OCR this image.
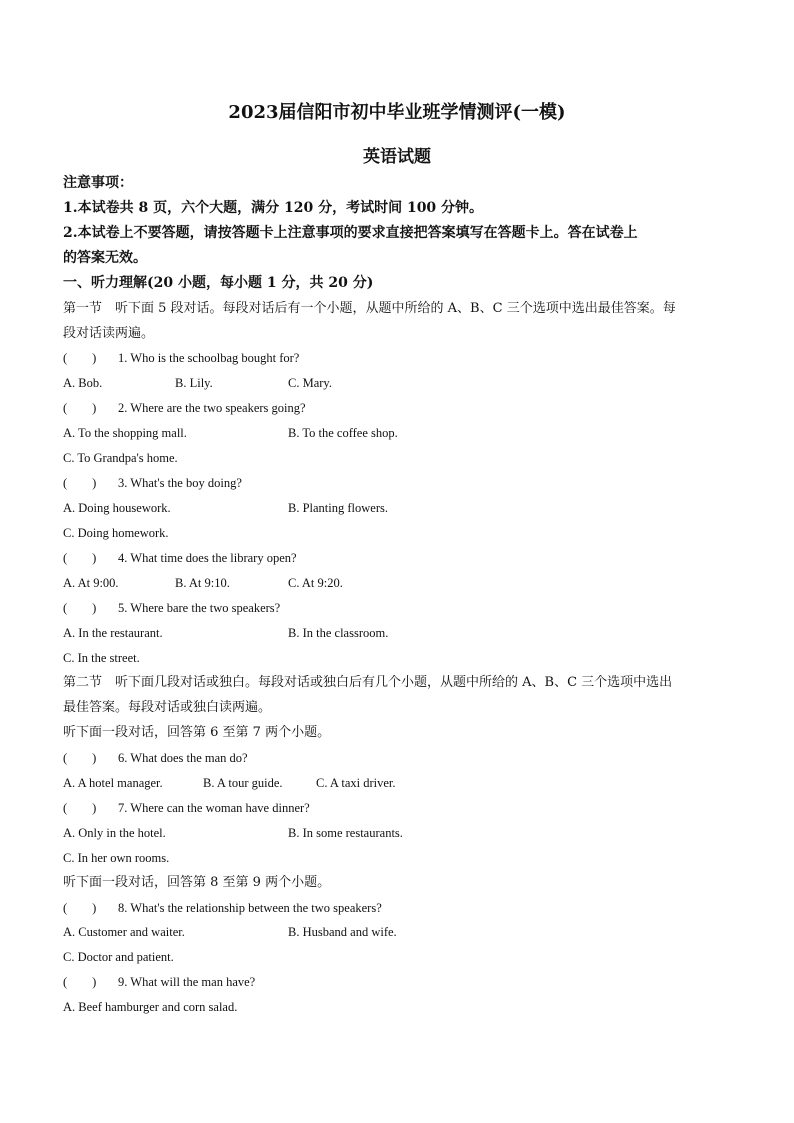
2023届信阳市初中毕业班学情测评(一模)
英语试题
注意事项：
1.本试卷共 8 页，六个大题，满分 120 分，考试时间 100 分钟。
2.本试卷上不要答题，请按答题卡上注意事项的要求直接把答案填写在答题卡上。答在试卷上
的答案无效。
一、听力理解(20 小题，每小题 1 分，共 20 分)
第一节　听下面 5 段对话。每段对话后有一个小题，从题中所给的 A、B、C 三个选项中选出最佳答案。每
段对话读两遍。
(　　) 1. Who is the schoolbag bought for?
A. Bob.	B. Lily.	C. Mary.
(　　) 2. Where are the two speakers going?
A. To the shopping mall.	B. To the coffee shop.
C. To Grandpa's home.
(　　) 3. What's the boy doing?
A. Doing housework.	B. Planting flowers.
C. Doing homework.
(　　) 4. What time does the library open?
A. At 9:00.	B. At 9:10.	C. At 9:20.
(　　) 5. Where bare the two speakers?
A. In the restaurant.	B. In the classroom.
C. In the street.
第二节　听下面几段对话或独白。每段对话或独白后有几个小题，从题中所给的 A、B、C 三个选项中选出
最佳答案。每段对话或独白读两遍。
听下面一段对话，回答第 6 至第 7 两个小题。
(　　) 6. What does the man do?
A. A hotel manager.	B. A tour guide.	C. A taxi driver.
(　　) 7. Where can the woman have dinner?
A. Only in the hotel.	B. In some restaurants.
C. In her own rooms.
听下面一段对话，回答第 8 至第 9 两个小题。
(　　) 8. What's the relationship between the two speakers?
A. Customer and waiter.	B. Husband and wife.
C. Doctor and patient.
(　　) 9. What will the man have?
A. Beef hamburger and corn salad.
